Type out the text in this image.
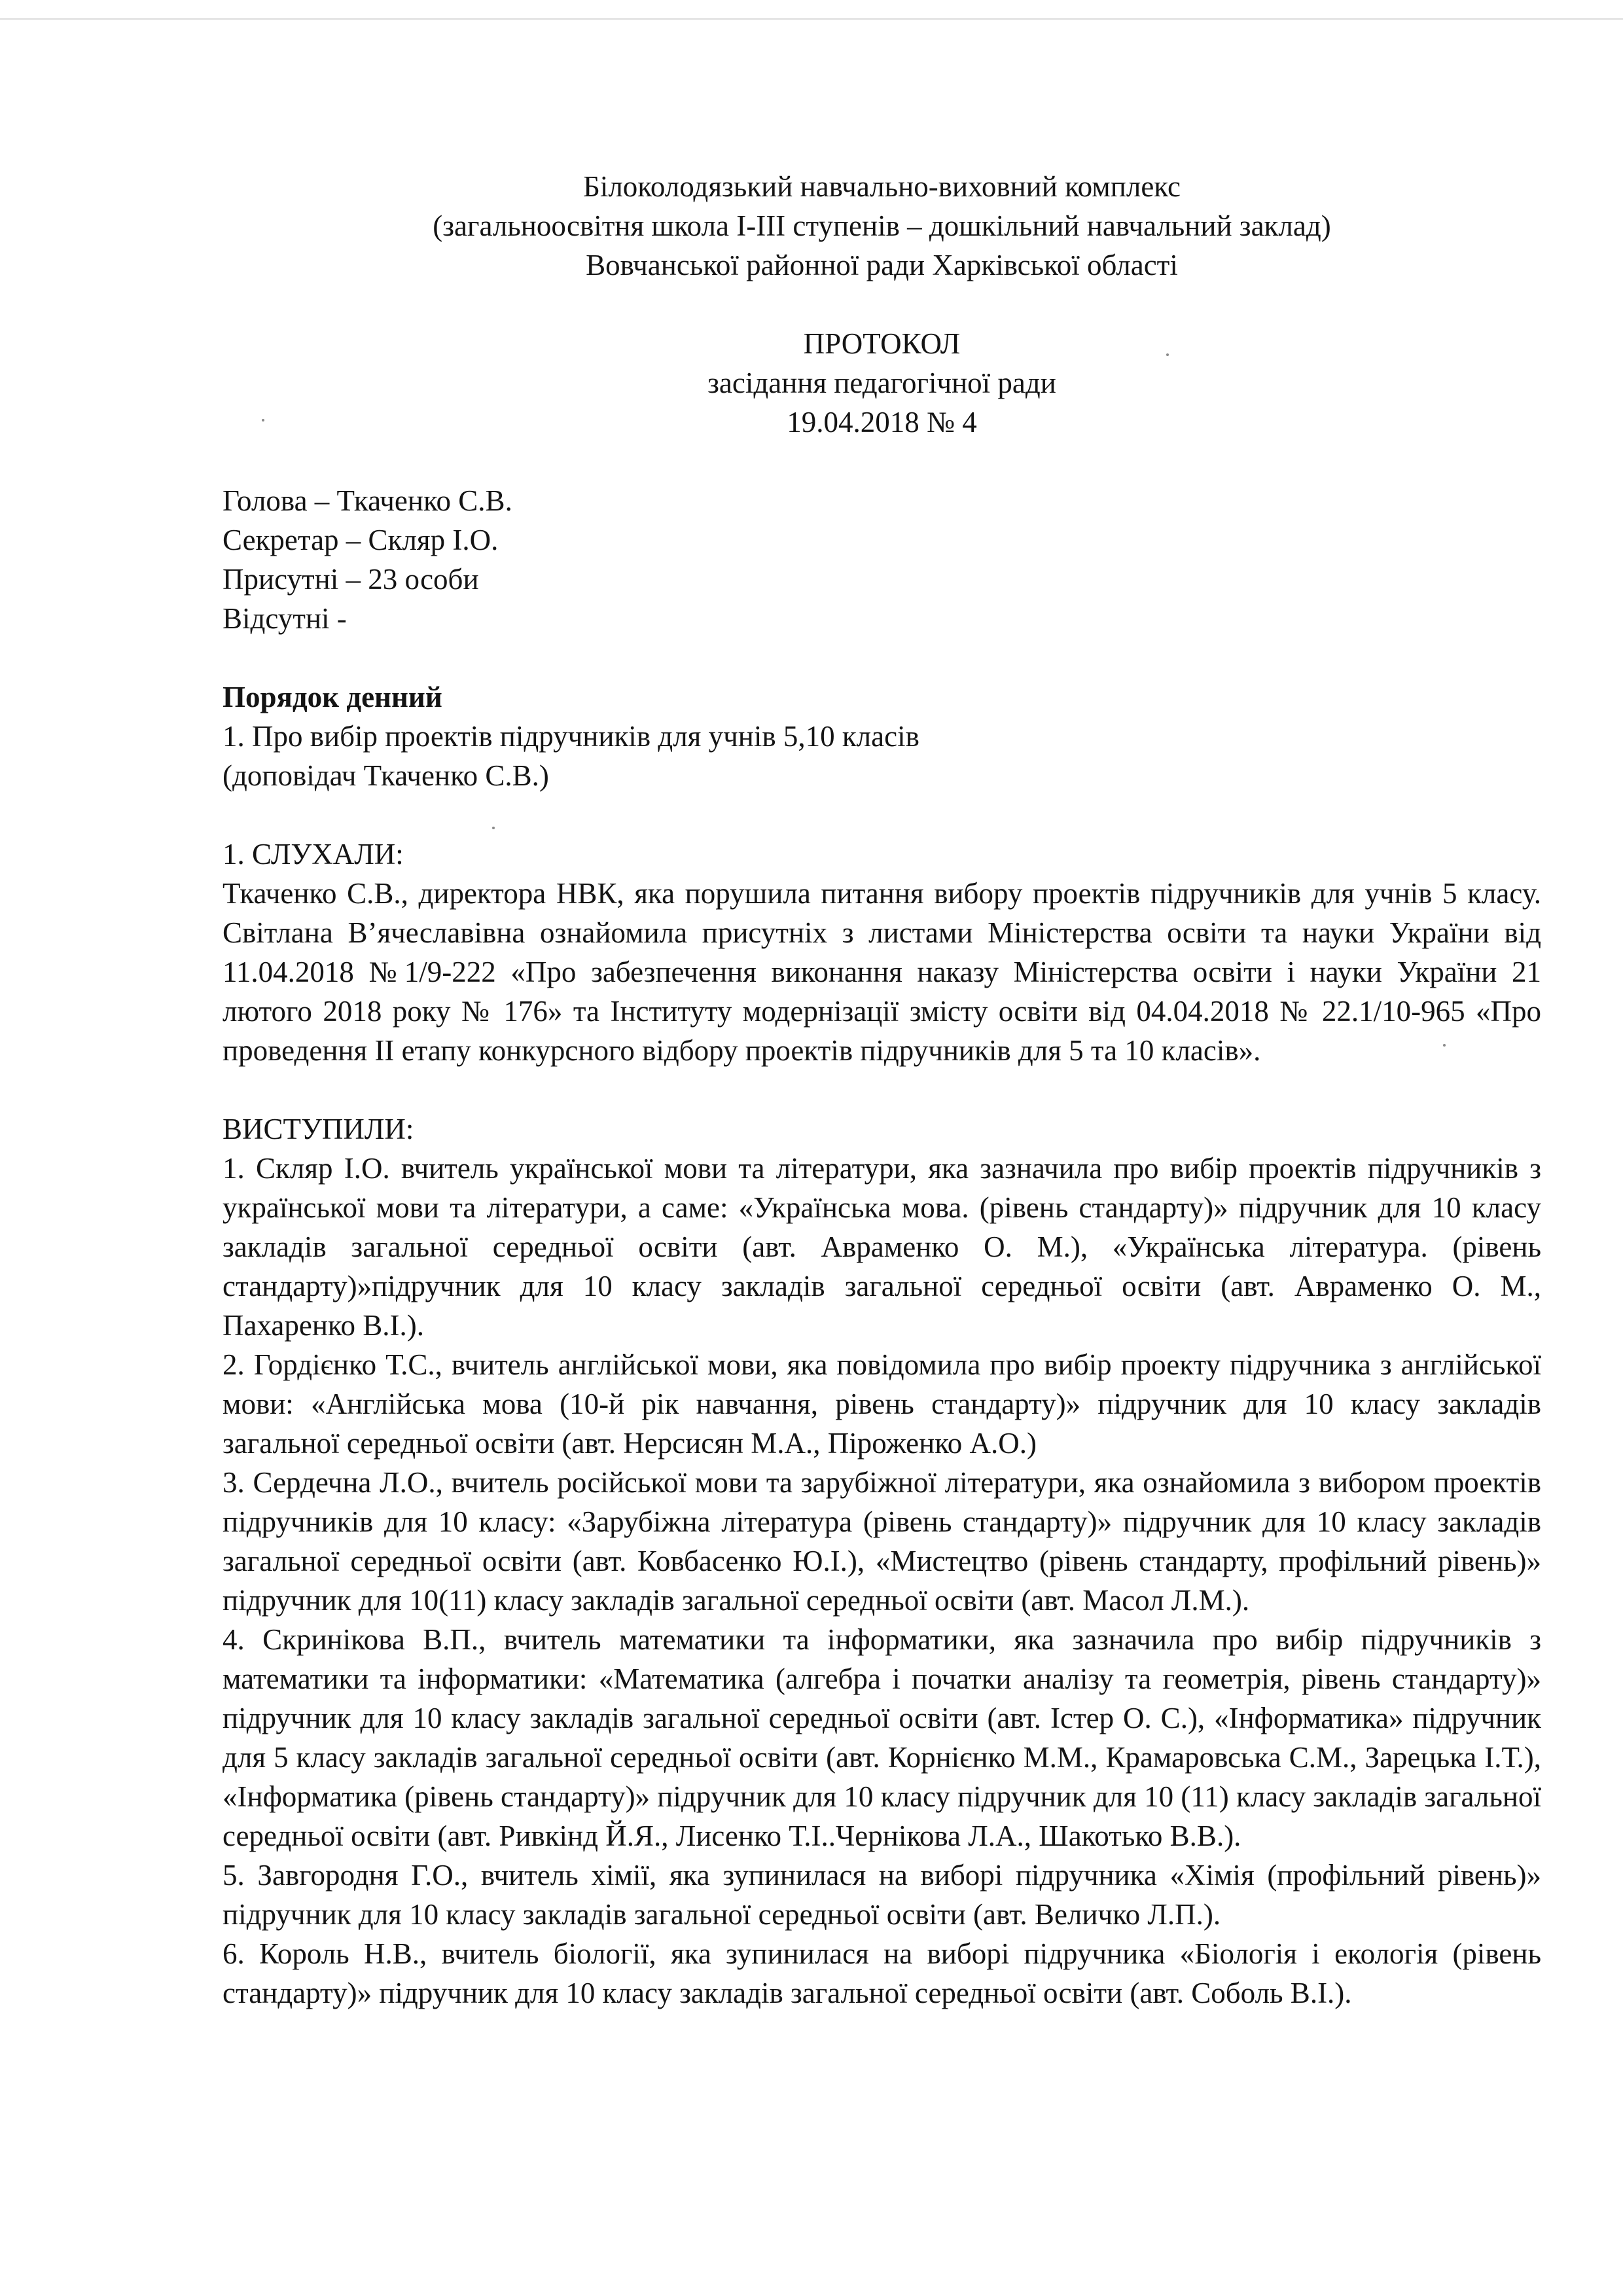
Білоколодязький навчально-виховний комплекс
(загальноосвітня школа І-ІІІ ступенів – дошкільний навчальний заклад)
Вовчанської районної ради Харківської області
ПРОТОКОЛ
засідання педагогічної ради
19.04.2018 № 4
Голова – Ткаченко С.В.
Секретар – Скляр І.О.
Присутні – 23 особи
Відсутні -
Порядок денний
1. Про вибір проектів підручників для учнів 5,10 класів
(доповідач Ткаченко С.В.)
1. СЛУХАЛИ:
Ткаченко С.В., директора НВК, яка порушила питання вибору проектів підручників для учнів 5 класу. Світлана В’ячеславівна ознайомила присутніх з листами Міністерства освіти та науки України від 11.04.2018 №1/9-222 «Про забезпечення виконання наказу Міністерства освіти і науки України 21 лютого 2018 року № 176» та Інституту модернізації змісту освіти від 04.04.2018 № 22.1/10-965 «Про проведення ІІ етапу конкурсного відбору проектів підручників для 5 та 10 класів».
ВИСТУПИЛИ:
1. Скляр І.О. вчитель української мови та літератури, яка зазначила про вибір проектів підручників з української мови та літератури, а саме: «Українська мова. (рівень стандарту)» підручник для 10 класу закладів загальної середньої освіти (авт. Авраменко О. М.), «Українська література. (рівень стандарту)»підручник для 10 класу закладів загальної середньої освіти (авт. Авраменко О. М., Пахаренко В.І.).
2. Гордієнко Т.С., вчитель англійської мови, яка повідомила про вибір проекту підручника з англійської мови: «Англійська мова (10-й рік навчання, рівень стандарту)» підручник для 10 класу закладів загальної середньої освіти (авт. Нерсисян М.А., Піроженко А.О.)
3. Сердечна Л.О., вчитель російської мови та зарубіжної літератури, яка ознайомила з вибором проектів підручників для 10 класу: «Зарубіжна література (рівень стандарту)» підручник для 10 класу закладів загальної середньої освіти (авт. Ковбасенко Ю.І.), «Мистецтво (рівень стандарту, профільний рівень)» підручник для 10(11) класу закладів загальної середньої освіти (авт. Масол Л.М.).
4. Скринікова В.П., вчитель математики та інформатики, яка зазначила про вибір підручників з математики та інформатики: «Математика (алгебра і початки аналізу та геометрія, рівень стандарту)» підручник для 10 класу закладів загальної середньої освіти (авт. Істер О. С.), «Інформатика» підручник для 5 класу закладів загальної середньої освіти (авт. Корнієнко М.М., Крамаровська С.М., Зарецька І.Т.), «Інформатика (рівень стандарту)» підручник для 10 класу підручник для 10 (11) класу закладів загальної середньої освіти (авт. Ривкінд Й.Я., Лисенко Т.І..Чернікова Л.А., Шакотько В.В.).
5. Завгородня Г.О., вчитель хімії, яка зупинилася на виборі підручника «Хімія (профільний рівень)» підручник для 10 класу закладів загальної середньої освіти (авт. Величко Л.П.).
6. Король Н.В., вчитель біології, яка зупинилася на виборі підручника «Біологія і екологія (рівень стандарту)» підручник для 10 класу закладів загальної середньої освіти (авт. Соболь В.І.).
